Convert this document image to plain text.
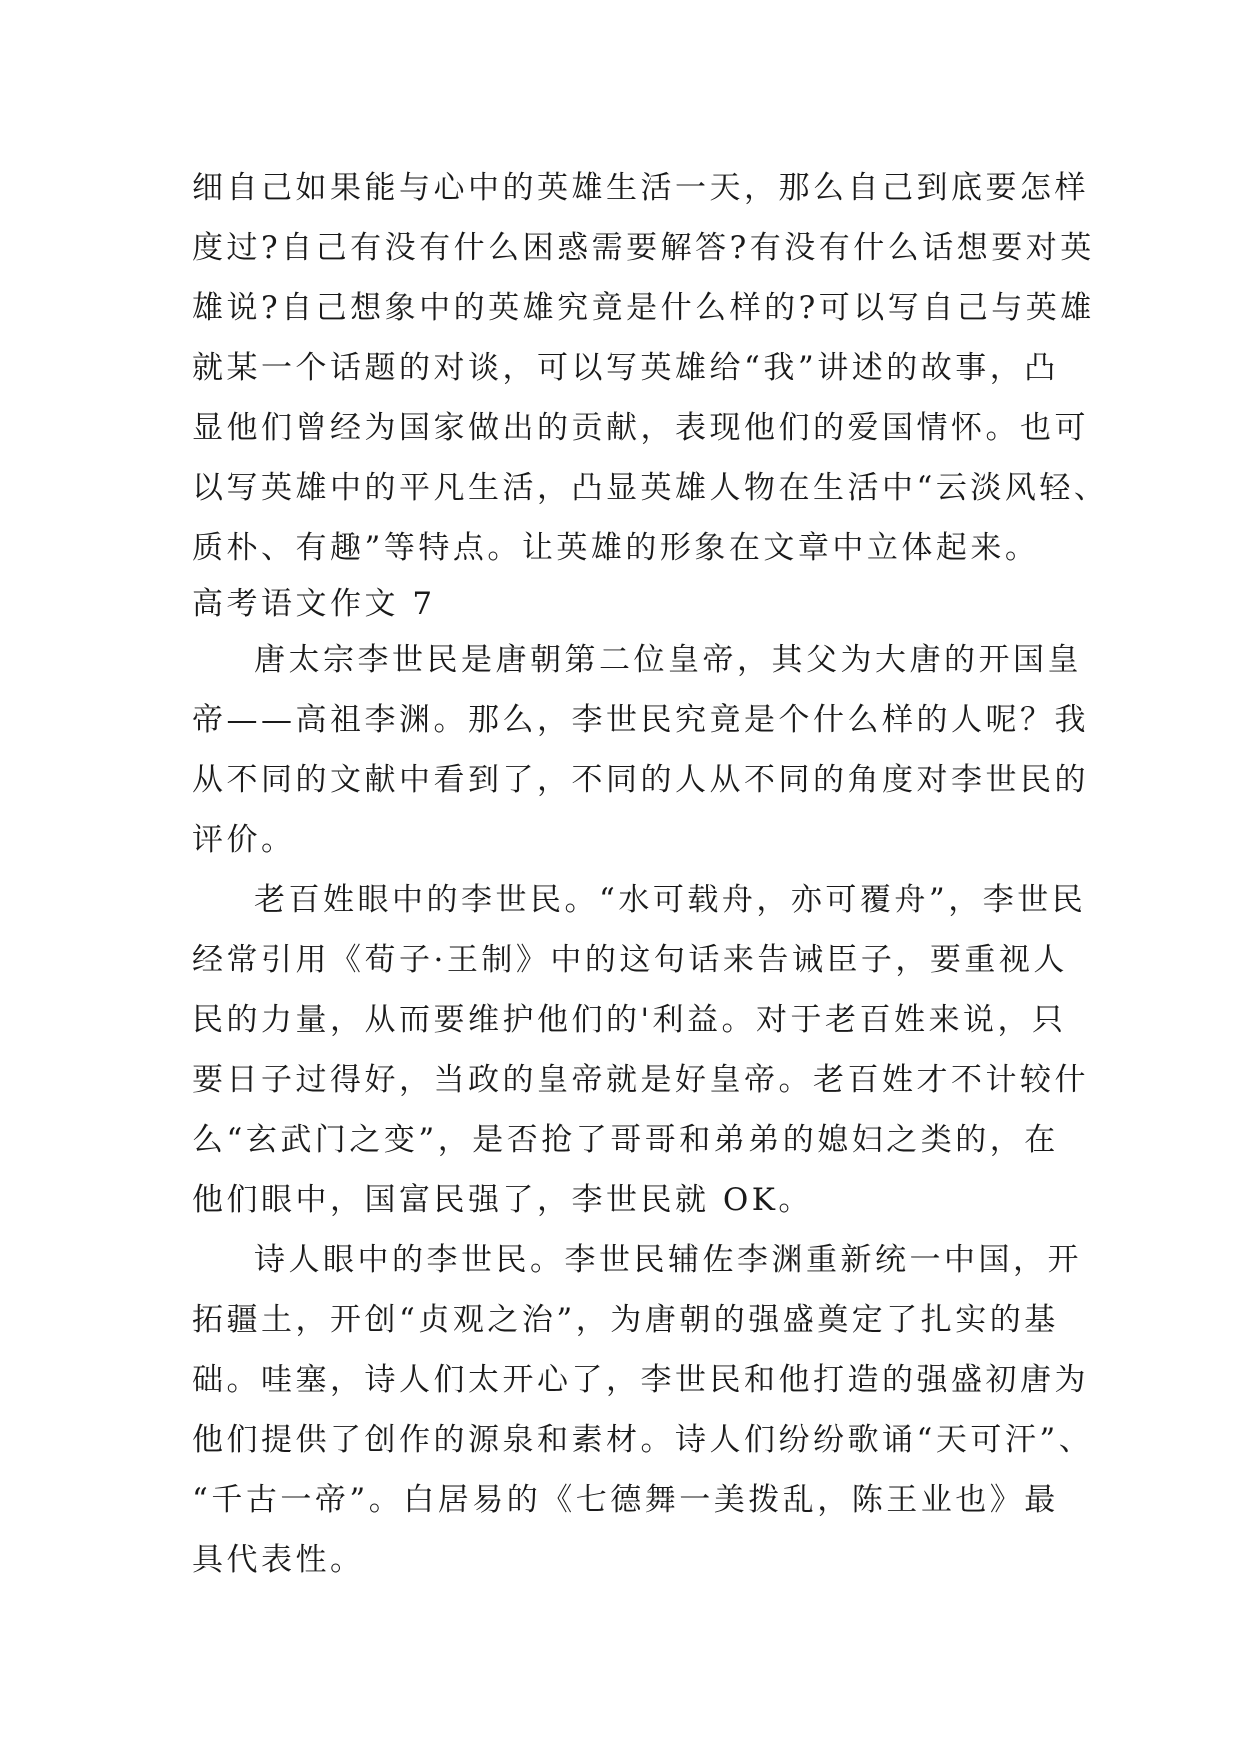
细自己如果能与心中的英雄生活一天，那么自己到底要怎样
度过?自己有没有什么困惑需要解答?有没有什么话想要对英
雄说?自己想象中的英雄究竟是什么样的?可以写自己与英雄
就某一个话题的对谈，可以写英雄给“我”讲述的故事，凸
显他们曾经为国家做出的贡献，表现他们的爱国情怀。也可
以写英雄中的平凡生活，凸显英雄人物在生活中“云淡风轻、
质朴、有趣”等特点。让英雄的形象在文章中立体起来。
高考语文作文 7
唐太宗李世民是唐朝第二位皇帝，其父为大唐的开国皇
帝——高祖李渊。那么，李世民究竟是个什么样的人呢？我
从不同的文献中看到了，不同的人从不同的角度对李世民的
评价。
老百姓眼中的李世民。“水可载舟，亦可覆舟”，李世民
经常引用《荀子·王制》中的这句话来告诫臣子，要重视人
民的力量，从而要维护他们的'利益。对于老百姓来说，只
要日子过得好，当政的皇帝就是好皇帝。老百姓才不计较什
么“玄武门之变”，是否抢了哥哥和弟弟的媳妇之类的，在
他们眼中，国富民强了，李世民就 OK。
诗人眼中的李世民。李世民辅佐李渊重新统一中国，开
拓疆土，开创“贞观之治”，为唐朝的强盛奠定了扎实的基
础。哇塞，诗人们太开心了，李世民和他打造的强盛初唐为
他们提供了创作的源泉和素材。诗人们纷纷歌诵“天可汗”、
“千古一帝”。白居易的《七德舞一美拨乱，陈王业也》最
具代表性。
